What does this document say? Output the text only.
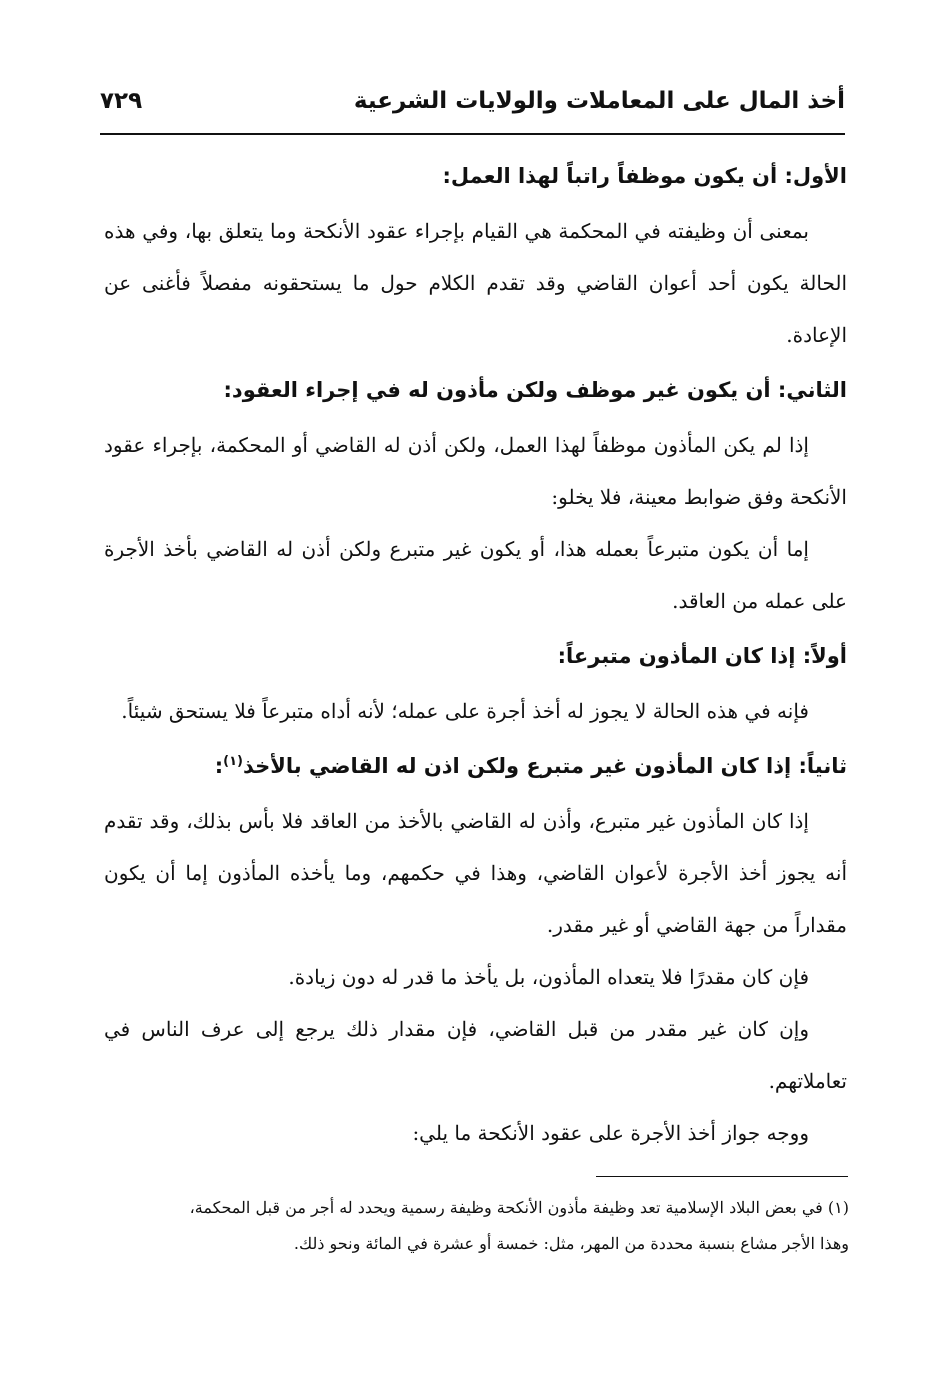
أخذ المال على المعاملات والولايات الشرعية
٧٢٩

الأول: أن يكون موظفاً راتباً لهذا العمل:

بمعنى أن وظيفته في المحكمة هي القيام بإجراء عقود الأنكحة وما يتعلق بها، وفي هذه الحالة يكون أحد أعوان القاضي وقد تقدم الكلام حول ما يستحقونه مفصلاً فأغنى عن الإعادة.

الثاني: أن يكون غير موظف ولكن مأذون له في إجراء العقود:

إذا لم يكن المأذون موظفاً لهذا العمل، ولكن أذن له القاضي أو المحكمة، بإجراء عقود الأنكحة وفق ضوابط معينة، فلا يخلو:

إما أن يكون متبرعاً بعمله هذا، أو يكون غير متبرع ولكن أذن له القاضي بأخذ الأجرة على عمله من العاقد.

أولاً: إذا كان المأذون متبرعاً:

فإنه في هذه الحالة لا يجوز له أخذ أجرة على عمله؛ لأنه أداه متبرعاً فلا يستحق شيئاً.

ثانياً: إذا كان المأذون غير متبرع ولكن اذن له القاضي بالأخذ$^{(١)}$:

إذا كان المأذون غير متبرع، وأذن له القاضي بالأخذ من العاقد فلا بأس بذلك، وقد تقدم أنه يجوز أخذ الأجرة لأعوان القاضي، وهذا في حكمهم، وما يأخذه المأذون إما أن يكون مقداراً من جهة القاضي أو غير مقدر.

فإن كان مقدرًا فلا يتعداه المأذون، بل يأخذ ما قدر له دون زيادة.

وإن كان غير مقدر من قبل القاضي، فإن مقدار ذلك يرجع إلى عرف الناس في تعاملاتهم.

ووجه جواز أخذ الأجرة على عقود الأنكحة ما يلي:

(١) في بعض البلاد الإسلامية تعد وظيفة مأذون الأنكحة وظيفة رسمية ويحدد له أجر من قبل المحكمة،

وهذا الأجر مشاع بنسبة محددة من المهر، مثل: خمسة أو عشرة في المائة ونحو ذلك.
